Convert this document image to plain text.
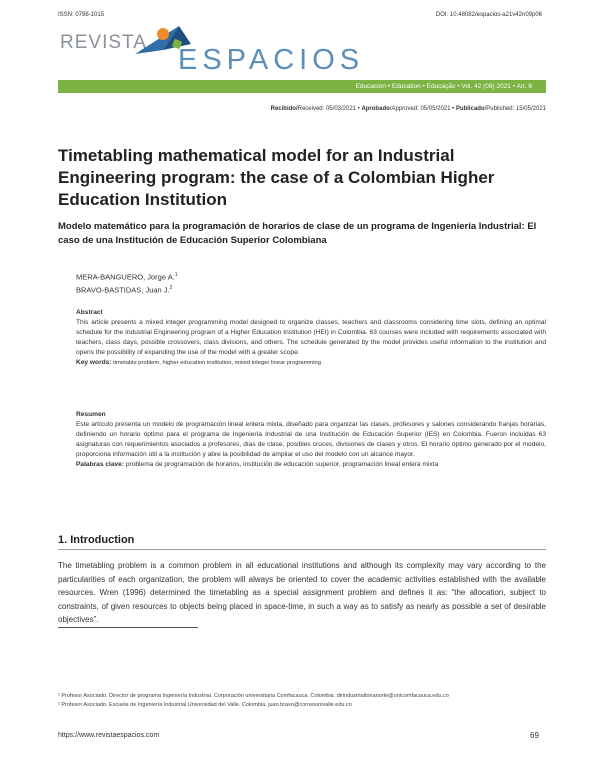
ISSN: 0798-1015	DOI: 10.48082/espacios-a21v42n09p06
REVISTA
ESPACIOS
Educación • Education • Educação • Vol. 42 (09) 2021 • Art. 6
Recibido/Received: 05/03/2021 • Aprobado/Approved: 05/05/2021 • Publicado/Published: 15/05/2021
Timetabling mathematical model for an Industrial Engineering program: the case of a Colombian Higher Education Institution
Modelo matemático para la programación de horarios de clase de un programa de Ingeniería Industrial: El caso de una Institución de Educación Superior Colombiana
MERA-BANGUERO, Jorge A.$^1$
BRAVO-BASTIDAS, Juan J.$^2$
Abstract
This article presents a mixed integer programming model designed to organize classes, teachers and classrooms considering time slots, defining an optimal schedule for the Industrial Engineering program of a Higher Education Institution (HEI) in Colombia. 63 courses were included with requirements associated with teachers, class days, possible crossovers, class divisions, and others. The schedule generated by the model provides useful information to the institution and opens the possibility of expanding the use of the model with a greater scope.
Key words: timetable problem, higher education institution, mixed integer linear programming
Resumen
Este artículo presenta un modelo de programación lineal entera mixta, diseñado para organizar las clases, profesores y salones considerando franjas horarias, definiendo un horario óptimo para el programa de Ingeniería Industrial de una Institución de Educación Superior (IES) en Colombia. Fueron incluidas 63 asignaturas con requerimientos asociados a profesores, días de clase, posibles cruces, divisiones de clases y otros. El horario óptimo generado por el modelo, proporciona información útil a la institución y abre la posibilidad de ampliar el uso del modelo con un alcance mayor.
Palabras clave: problema de programación de horarios, institución de educación superior, programación lineal entera mixta
1. Introduction
The timetabling problem is a common problem in all educational institutions and although its complexity may vary according to the particularities of each organization, the problem will always be oriented to cover the academic activities established with the available resources. Wren (1996) determined the timetabling as a special assignment problem and defines it as: “the allocation, subject to constraints, of given resources to objects being placed in space-time, in such a way as to satisfy as nearly as possible a set of desirable objectives”.
¹ Profesor Asociado. Director de programa Ingeniería Industrial. Corporación universitaria Comfacauca. Colombia. dirindustrialtonanorte@unicomfacauca.edu.co
² Profesor Asociado. Escuela de Ingeniería Industrial.Universidad del Valle. Colombia. juan.bravo@correounivalle.edu.co
https://www.revistaespacios.com	69
